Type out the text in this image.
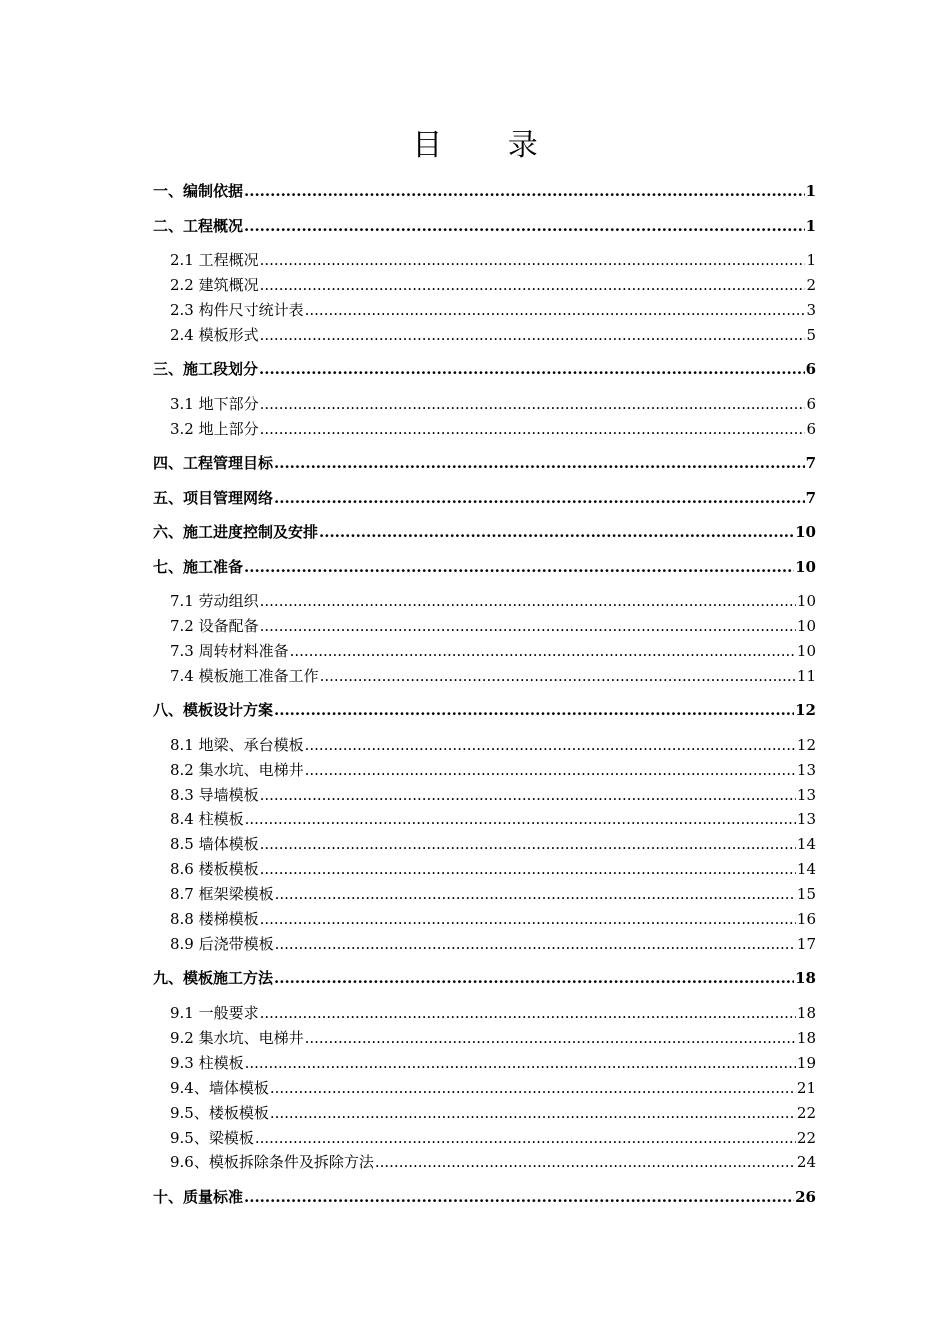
目 录
一、编制依据 .....	1
二、工程概况 .....	1
2.1 工程概况 .....	1
2.2 建筑概况 .....	2
2.3 构件尺寸统计表 .....	3
2.4 模板形式 .....	5
三、施工段划分 .....	6
3.1 地下部分 .....	6
3.2 地上部分 .....	6
四、工程管理目标 .....	7
五、项目管理网络 .....	7
六、施工进度控制及安排 .....	10
七、施工准备 .....	10
7.1 劳动组织 .....	10
7.2 设备配备 .....	10
7.3 周转材料准备 .....	10
7.4 模板施工准备工作 .....	11
八、模板设计方案 .....	12
8.1 地梁、承台模板 .....	12
8.2 集水坑、电梯井 .....	13
8.3 导墙模板 .....	13
8.4 柱模板 .....	13
8.5 墙体模板 .....	14
8.6 楼板模板 .....	14
8.7 框架梁模板 .....	15
8.8 楼梯模板 .....	16
8.9 后浇带模板 .....	17
九、模板施工方法 .....	18
9.1 一般要求 .....	18
9.2 集水坑、电梯井 .....	18
9.3 柱模板 .....	19
9.4、墙体模板 .....	21
9.5、楼板模板 .....	22
9.5、梁模板 .....	22
9.6、模板拆除条件及拆除方法 .....	24
十、质量标准 .....	26
